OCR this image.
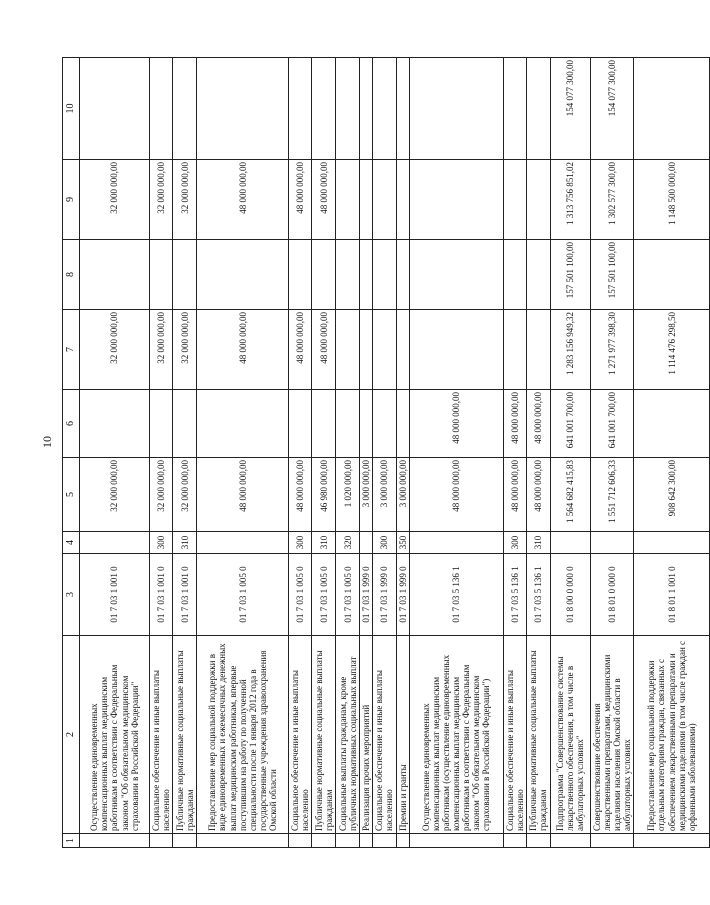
10
1	2	3	4	5	6	7	8	9	10
	Осуществление единовременных компенсационных выплат медицинским работникам в соответствии с Федеральным законом "Об обязательном медицинском страховании в Российской Федерации"	01 7 03 1 001 0		32 000 000,00		32 000 000,00		32 000 000,00	
	Социальное обеспечение и иные выплаты населению	01 7 03 1 001 0	300	32 000 000,00		32 000 000,00		32 000 000,00	
	Публичные нормативные социальные выплаты гражданам	01 7 03 1 001 0	310	32 000 000,00		32 000 000,00		32 000 000,00	
	Предоставление мер социальной поддержки в виде единовременных и ежемесячных денежных выплат медицинским работникам, впервые поступившим на работу по полученной специальности после 1 января 2012 года в государственные учреждения здравоохранения Омской области	01 7 03 1 005 0		48 000 000,00		48 000 000,00		48 000 000,00	
	Социальное обеспечение и иные выплаты населению	01 7 03 1 005 0	300	48 000 000,00		48 000 000,00		48 000 000,00	
	Публичные нормативные социальные выплаты гражданам	01 7 03 1 005 0	310	46 980 000,00		48 000 000,00		48 000 000,00	
	Социальные выплаты гражданам, кроме публичных нормативных социальных выплат	01 7 03 1 005 0	320	1 020 000,00					
	Реализация прочих мероприятий	01 7 03 1 999 0		3 000 000,00					
	Социальное обеспечение и иные выплаты населению	01 7 03 1 999 0	300	3 000 000,00					
	Премии и гранты	01 7 03 1 999 0	350	3 000 000,00					
	Осуществление единовременных компенсационных выплат медицинским работникам (осуществление единовременных компенсационных выплат медицинским работникам в соответствии с Федеральным законом "Об обязательном медицинском страховании в Российской Федерации")	01 7 03 5 136 1		48 000 000,00	48 000 000,00				
	Социальное обеспечение и иные выплаты населению	01 7 03 5 136 1	300	48 000 000,00	48 000 000,00				
	Публичные нормативные социальные выплаты гражданам	01 7 03 5 136 1	310	48 000 000,00	48 000 000,00				
	Подпрограмма "Совершенствование системы лекарственного обеспечения, в том числе в амбулаторных условиях"	01 8 00 0 000 0		1 564 682 415,83	641 001 700,00	1 283 156 949,32	157 501 100,00	1 313 756 851,02	154 077 300,00
	Совершенствование обеспечения лекарственными препаратами, медицинскими изделиями населения Омской области в амбулаторных условиях	01 8 01 0 000 0		1 551 712 606,33	641 001 700,00	1 271 977 398,30	157 501 100,00	1 302 577 300,00	154 077 300,00
	Предоставление мер социальной поддержки отдельным категориям граждан, связанных с обеспечением лекарственными препаратами и медицинскими изделиями (в том числе граждан с орфанными заболеваниями)	01 8 01 1 001 0		908 642 300,00		1 114 476 298,50		1 148 500 000,00	
